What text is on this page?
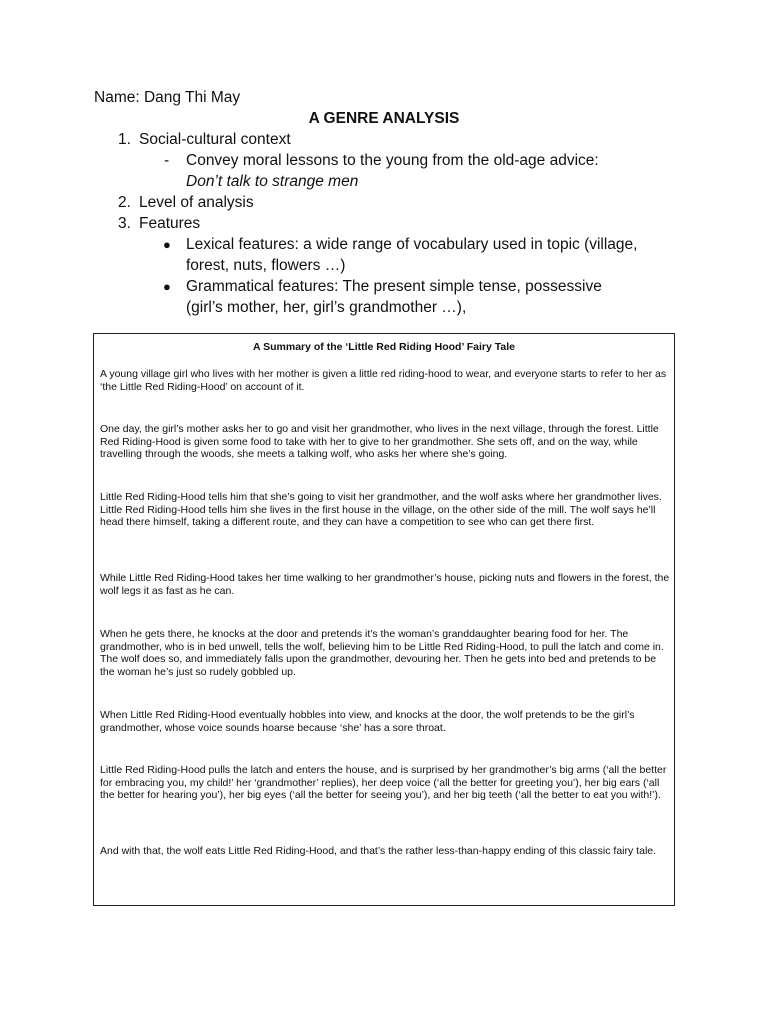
Name: Dang Thi May
A GENRE ANALYSIS
1. Social-cultural context
- Convey moral lessons to the young from the old-age advice:
Don’t talk to strange men
2. Level of analysis
3. Features
● Lexical features: a wide range of vocabulary used in topic (village,
forest, nuts, flowers …)
● Grammatical features: The present simple tense, possessive
(girl’s mother, her, girl’s grandmother …),
A Summary of the ‘Little Red Riding Hood’ Fairy Tale

A young village girl who lives with her mother is given a little red riding-hood to wear, and everyone starts to refer to her as ‘the Little Red Riding-Hood’ on account of it.

One day, the girl’s mother asks her to go and visit her grandmother, who lives in the next village, through the forest. Little Red Riding-Hood is given some food to take with her to give to her grandmother. She sets off, and on the way, while travelling through the woods, she meets a talking wolf, who asks her where she’s going.

Little Red Riding-Hood tells him that she’s going to visit her grandmother, and the wolf asks where her grandmother lives. Little Red Riding-Hood tells him she lives in the first house in the village, on the other side of the mill. The wolf says he’ll head there himself, taking a different route, and they can have a competition to see who can get there first.

While Little Red Riding-Hood takes her time walking to her grandmother’s house, picking nuts and flowers in the forest, the wolf legs it as fast as he can.

When he gets there, he knocks at the door and pretends it’s the woman’s granddaughter bearing food for her. The grandmother, who is in bed unwell, tells the wolf, believing him to be Little Red Riding-Hood, to pull the latch and come in. The wolf does so, and immediately falls upon the grandmother, devouring her. Then he gets into bed and pretends to be the woman he’s just so rudely gobbled up.

When Little Red Riding-Hood eventually hobbles into view, and knocks at the door, the wolf pretends to be the girl’s grandmother, whose voice sounds hoarse because ‘she’ has a sore throat.

Little Red Riding-Hood pulls the latch and enters the house, and is surprised by her grandmother’s big arms (‘all the better for embracing you, my child!’ her ‘grandmother’ replies), her deep voice (‘all the better for greeting you’), her big ears (‘all the better for hearing you’), her big eyes (‘all the better for seeing you’), and her big teeth (‘all the better to eat you with!’).

And with that, the wolf eats Little Red Riding-Hood, and that’s the rather less-than-happy ending of this classic fairy tale.
